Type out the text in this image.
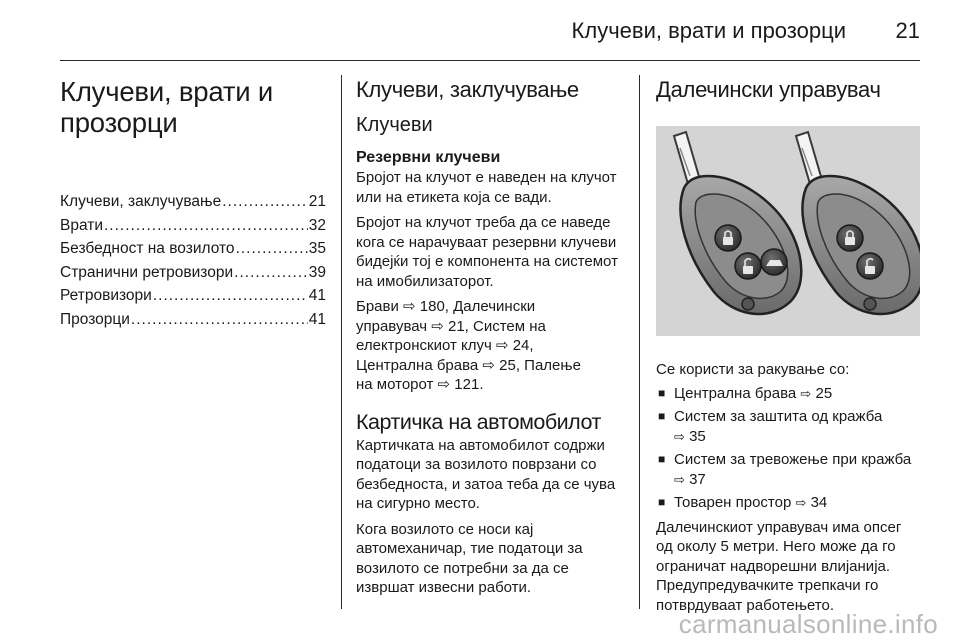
Клучеви, врати и прозорци 21
Клучеви, врати и прозорци
Клучеви, заклучување .....	21
Врати .....	32
Безбедност на возилото .....	35
Странични ретровизори .....	39
Ретровизори .....	41
Прозорци .....	41
Клучеви, заклучување
Клучеви
Резервни клучеви

Бројот на клучот е наведен на клучот или на етикета која се вади.

Бројот на клучот треба да се наведе кога се нарачуваат резервни клучеви бидејќи тој е компонента на системот на имобилизаторот.

Брави ⇨ 180, Далечински
управувач ⇨ 21, Систем на
електронскиот клуч ⇨ 24,
Централна брава ⇨ 25, Палење
на моторот ⇨ 121.

Картичка на автомобилот

Картичката на автомобилот содржи податоци за возилото поврзани со безбедноста, и затоа теба да се чува на сигурно место.

Кога возилото се носи кај автомеханичар, тие податоци за возилото се потребни за да се извршат извесни работи.

Далечински управувач

Се користи за ракување со:

■ Централна брава ⇨ 25
■ Систем за заштита од кражба
⇨ 35
■ Систем за тревожење при кражба ⇨ 37
■ Товарен простор ⇨ 34

Далечинскиот управувач има опсег од околу 5 метри. Него може да го ограничат надворешни влијанија. Предупредувачките трепкачи го потврдуваат работењето.

carmanualsonline.info
